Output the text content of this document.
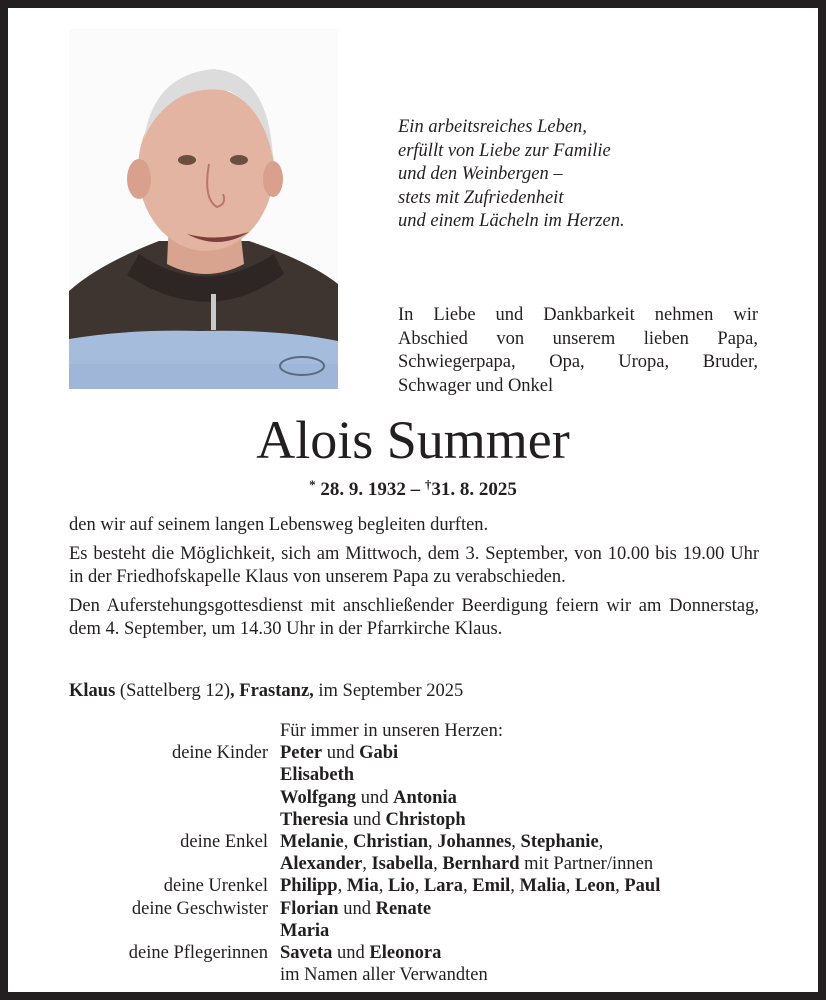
Ein arbeitsreiches Leben,
erfüllt von Liebe zur Familie
und den Weinbergen –
stets mit Zufriedenheit
und einem Lächeln im Herzen.
In Liebe und Dankbarkeit nehmen wir
Abschied von unserem lieben Papa,
Schwiegerpapa, Opa, Uropa, Bruder,
Schwager und Onkel
Alois Summer
* 28. 9. 1932 – †31. 8. 2025

den wir auf seinem langen Lebensweg begleiten durften.

Es besteht die Möglichkeit, sich am Mittwoch, dem 3. September, von 10.00 bis 19.00 Uhr in der Friedhofskapelle Klaus von unserem Papa zu verabschieden.

Den Auferstehungsgottesdienst mit anschließender Beerdigung feiern wir am Donnerstag, dem 4. September, um 14.30 Uhr in der Pfarrkirche Klaus.

Klaus (Sattelberg 12), Frastanz, im September 2025
Für immer in unseren Herzen:
deine Kinder Peter und Gabi
Elisabeth
Wolfgang und Antonia
Theresia und Christoph
deine Enkel Melanie, Christian, Johannes, Stephanie,
Alexander, Isabella, Bernhard mit Partner/innen
deine Urenkel Philipp, Mia, Lio, Lara, Emil, Malia, Leon, Paul
deine Geschwister Florian und Renate
Maria
deine Pflegerinnen Saveta und Eleonora
im Namen aller Verwandten
